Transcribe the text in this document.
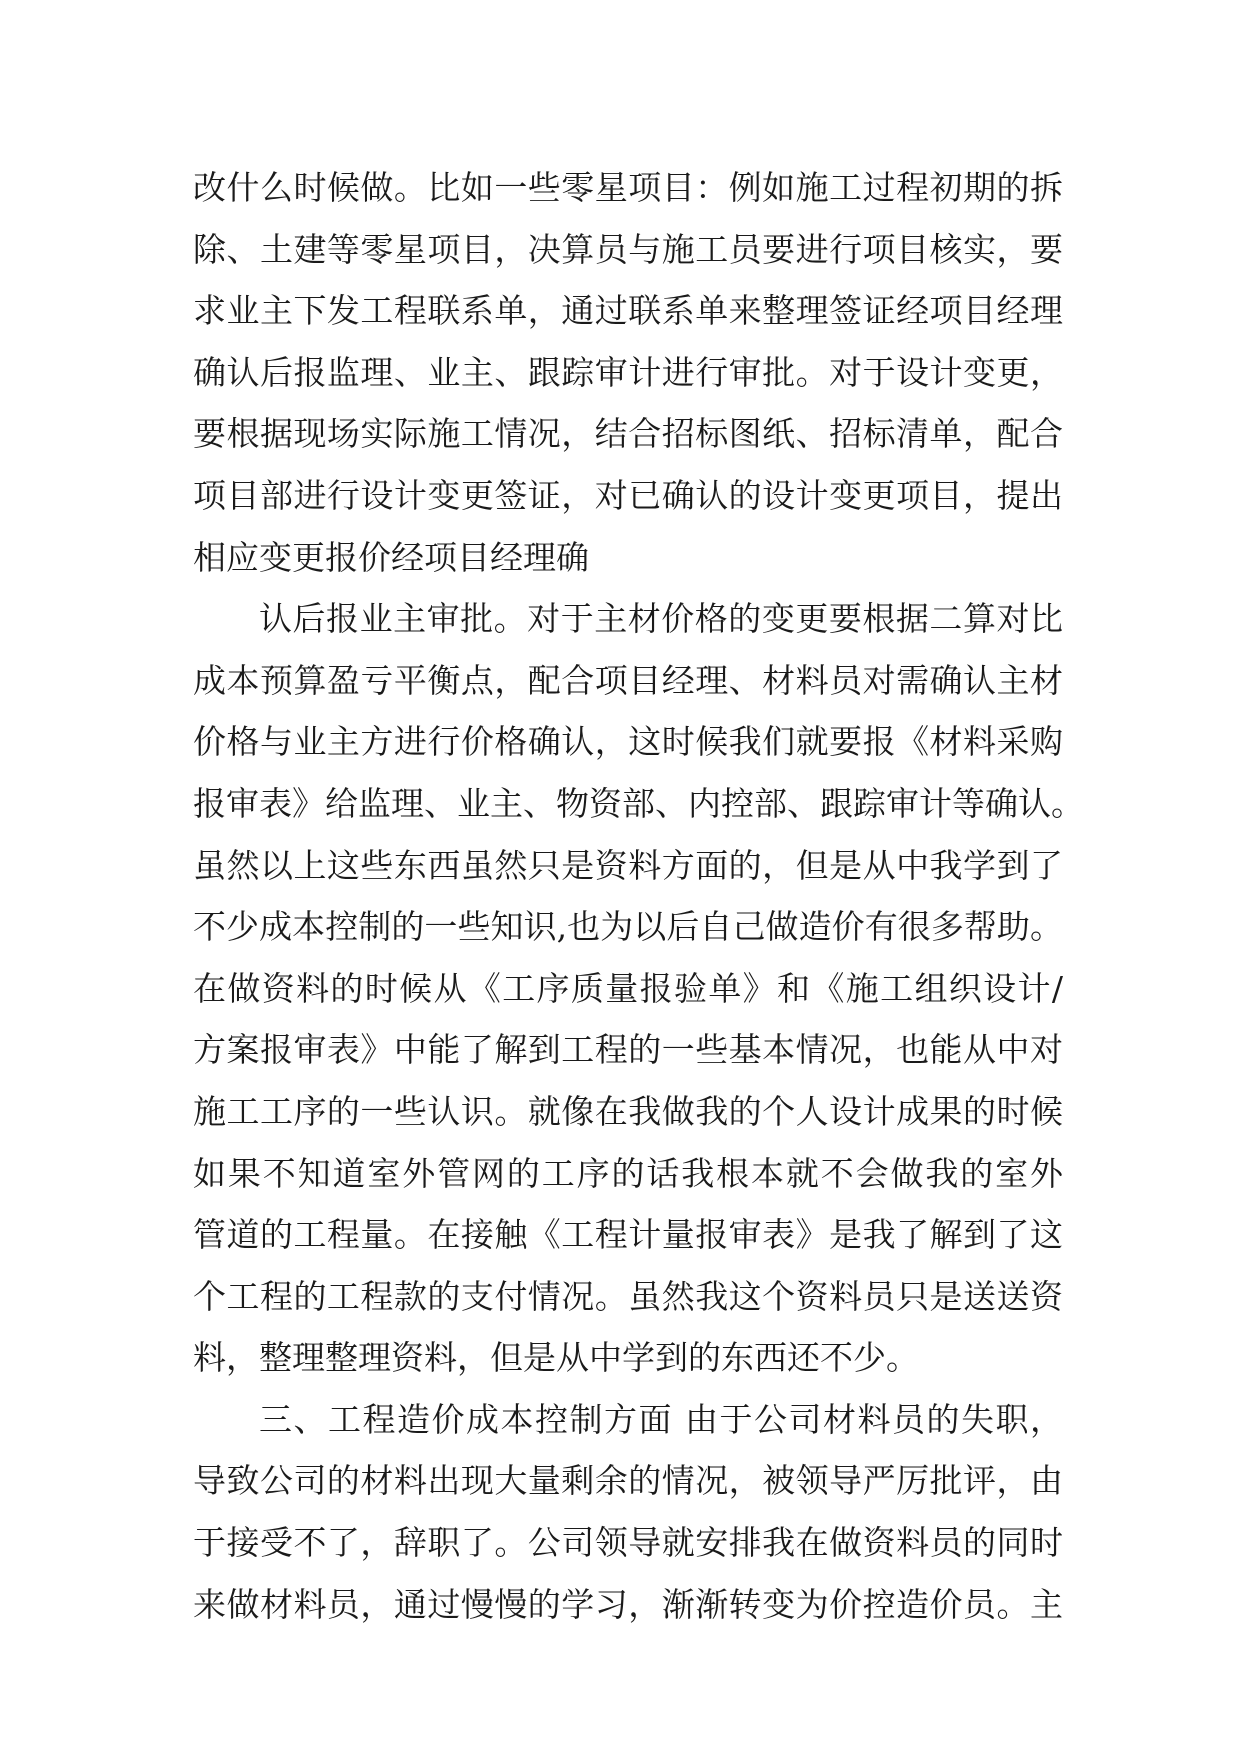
改什么时候做。比如一些零星项目：例如施工过程初期的拆
除、土建等零星项目，决算员与施工员要进行项目核实，要
求业主下发工程联系单，通过联系单来整理签证经项目经理
确认后报监理、业主、跟踪审计进行审批。对于设计变更，
要根据现场实际施工情况，结合招标图纸、招标清单，配合
项目部进行设计变更签证，对已确认的设计变更项目，提出
相应变更报价经项目经理确
认后报业主审批。对于主材价格的变更要根据二算对比
成本预算盈亏平衡点，配合项目经理、材料员对需确认主材
价格与业主方进行价格确认，这时候我们就要报《材料采购
报审表》给监理、业主、物资部、内控部、跟踪审计等确认。
虽然以上这些东西虽然只是资料方面的，但是从中我学到了
不少成本控制的一些知识,也为以后自己做造价有很多帮助。
在做资料的时候从《工序质量报验单》和《施工组织设计/
方案报审表》中能了解到工程的一些基本情况，也能从中对
施工工序的一些认识。就像在我做我的个人设计成果的时候
如果不知道室外管网的工序的话我根本就不会做我的室外
管道的工程量。在接触《工程计量报审表》是我了解到了这
个工程的工程款的支付情况。虽然我这个资料员只是送送资
料，整理整理资料，但是从中学到的东西还不少。
三、工程造价成本控制方面 由于公司材料员的失职，
导致公司的材料出现大量剩余的情况，被领导严厉批评，由
于接受不了，辞职了。公司领导就安排我在做资料员的同时
来做材料员，通过慢慢的学习，渐渐转变为价控造价员。主
